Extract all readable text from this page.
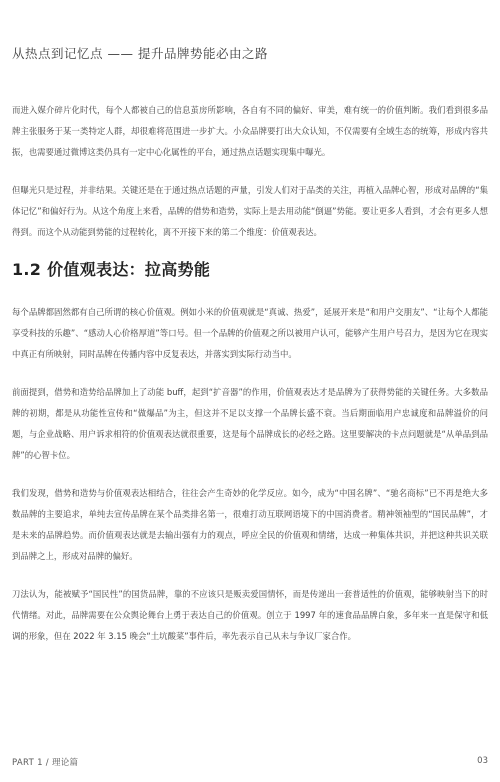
从热点到记忆点 —— 提升品牌势能必由之路

而进入媒介碎片化时代，每个人都被自己的信息茧房所影响，各自有不同的偏好、审美，难有统一的价值判断。我们看到很多品牌主张服务于某一类特定人群，却很难将范围进一步扩大。小众品牌要打出大众认知，不仅需要有全域生态的统筹，形成内容共振，也需要通过微博这类仍具有一定中心化属性的平台，通过热点话题实现集中曝光。

但曝光只是过程，并非结果。关键还是在于通过热点话题的声量，引发人们对于品类的关注，再植入品牌心智，形成对品牌的“集体记忆”和偏好行为。从这个角度上来看，品牌的借势和造势，实际上是去用动能“倒逼”势能。要让更多人看到，才会有更多人想得到。而这个从动能到势能的过程转化，离不开接下来的第二个维度：价值观表达。

1.2 价值观表达：拉高势能

每个品牌都固然都有自己所谓的核心价值观。例如小米的价值观就是“真诚、热爱”，延展开来是“和用户交朋友”、“让每个人都能享受科技的乐趣”、“感动人心价格厚道”等口号。但一个品牌的价值观之所以被用户认可，能够产生用户号召力，是因为它在现实中真正有所映射，同时品牌在传播内容中反复表达，并落实到实际行动当中。

前面提到，借势和造势给品牌加上了动能 buff，起到“扩音器”的作用，价值观表达才是品牌为了获得势能的关键任务。大多数品牌的初期，都是从功能性宣传和“做爆品”为主，但这并不足以支撑一个品牌长盛不衰。当后期面临用户忠诚度和品牌溢价的问题，与企业战略、用户诉求相符的价值观表达就很重要，这是每个品牌成长的必经之路。这里要解决的卡点问题就是“从单品到品牌”的心智卡位。

我们发现，借势和造势与价值观表达相结合，往往会产生奇妙的化学反应。如今，成为“中国名牌”、“驰名商标”已不再是绝大多数品牌的主要追求，单纯去宣传品牌在某个品类排名第一，很难打动互联网语境下的中国消费者。精神领袖型的“国民品牌”，才是未来的品牌趋势。而价值观表达就是去输出强有力的观点，呼应全民的价值观和情绪，达成一种集体共识，并把这种共识关联到品牌之上，形成对品牌的偏好。

刀法认为，能被赋予“国民性”的国货品牌，靠的不应该只是贩卖爱国情怀，而是传递出一套普适性的价值观，能够映射当下的时代情绪。对此，品牌需要在公众舆论舞台上勇于表达自己的价值观。创立于 1997 年的速食品品牌白象，多年来一直是保守和低调的形象，但在 2022 年 3.15 晚会“土坑酸菜”事件后，率先表示自己从未与争议厂家合作。

PART 1 / 理论篇	03
